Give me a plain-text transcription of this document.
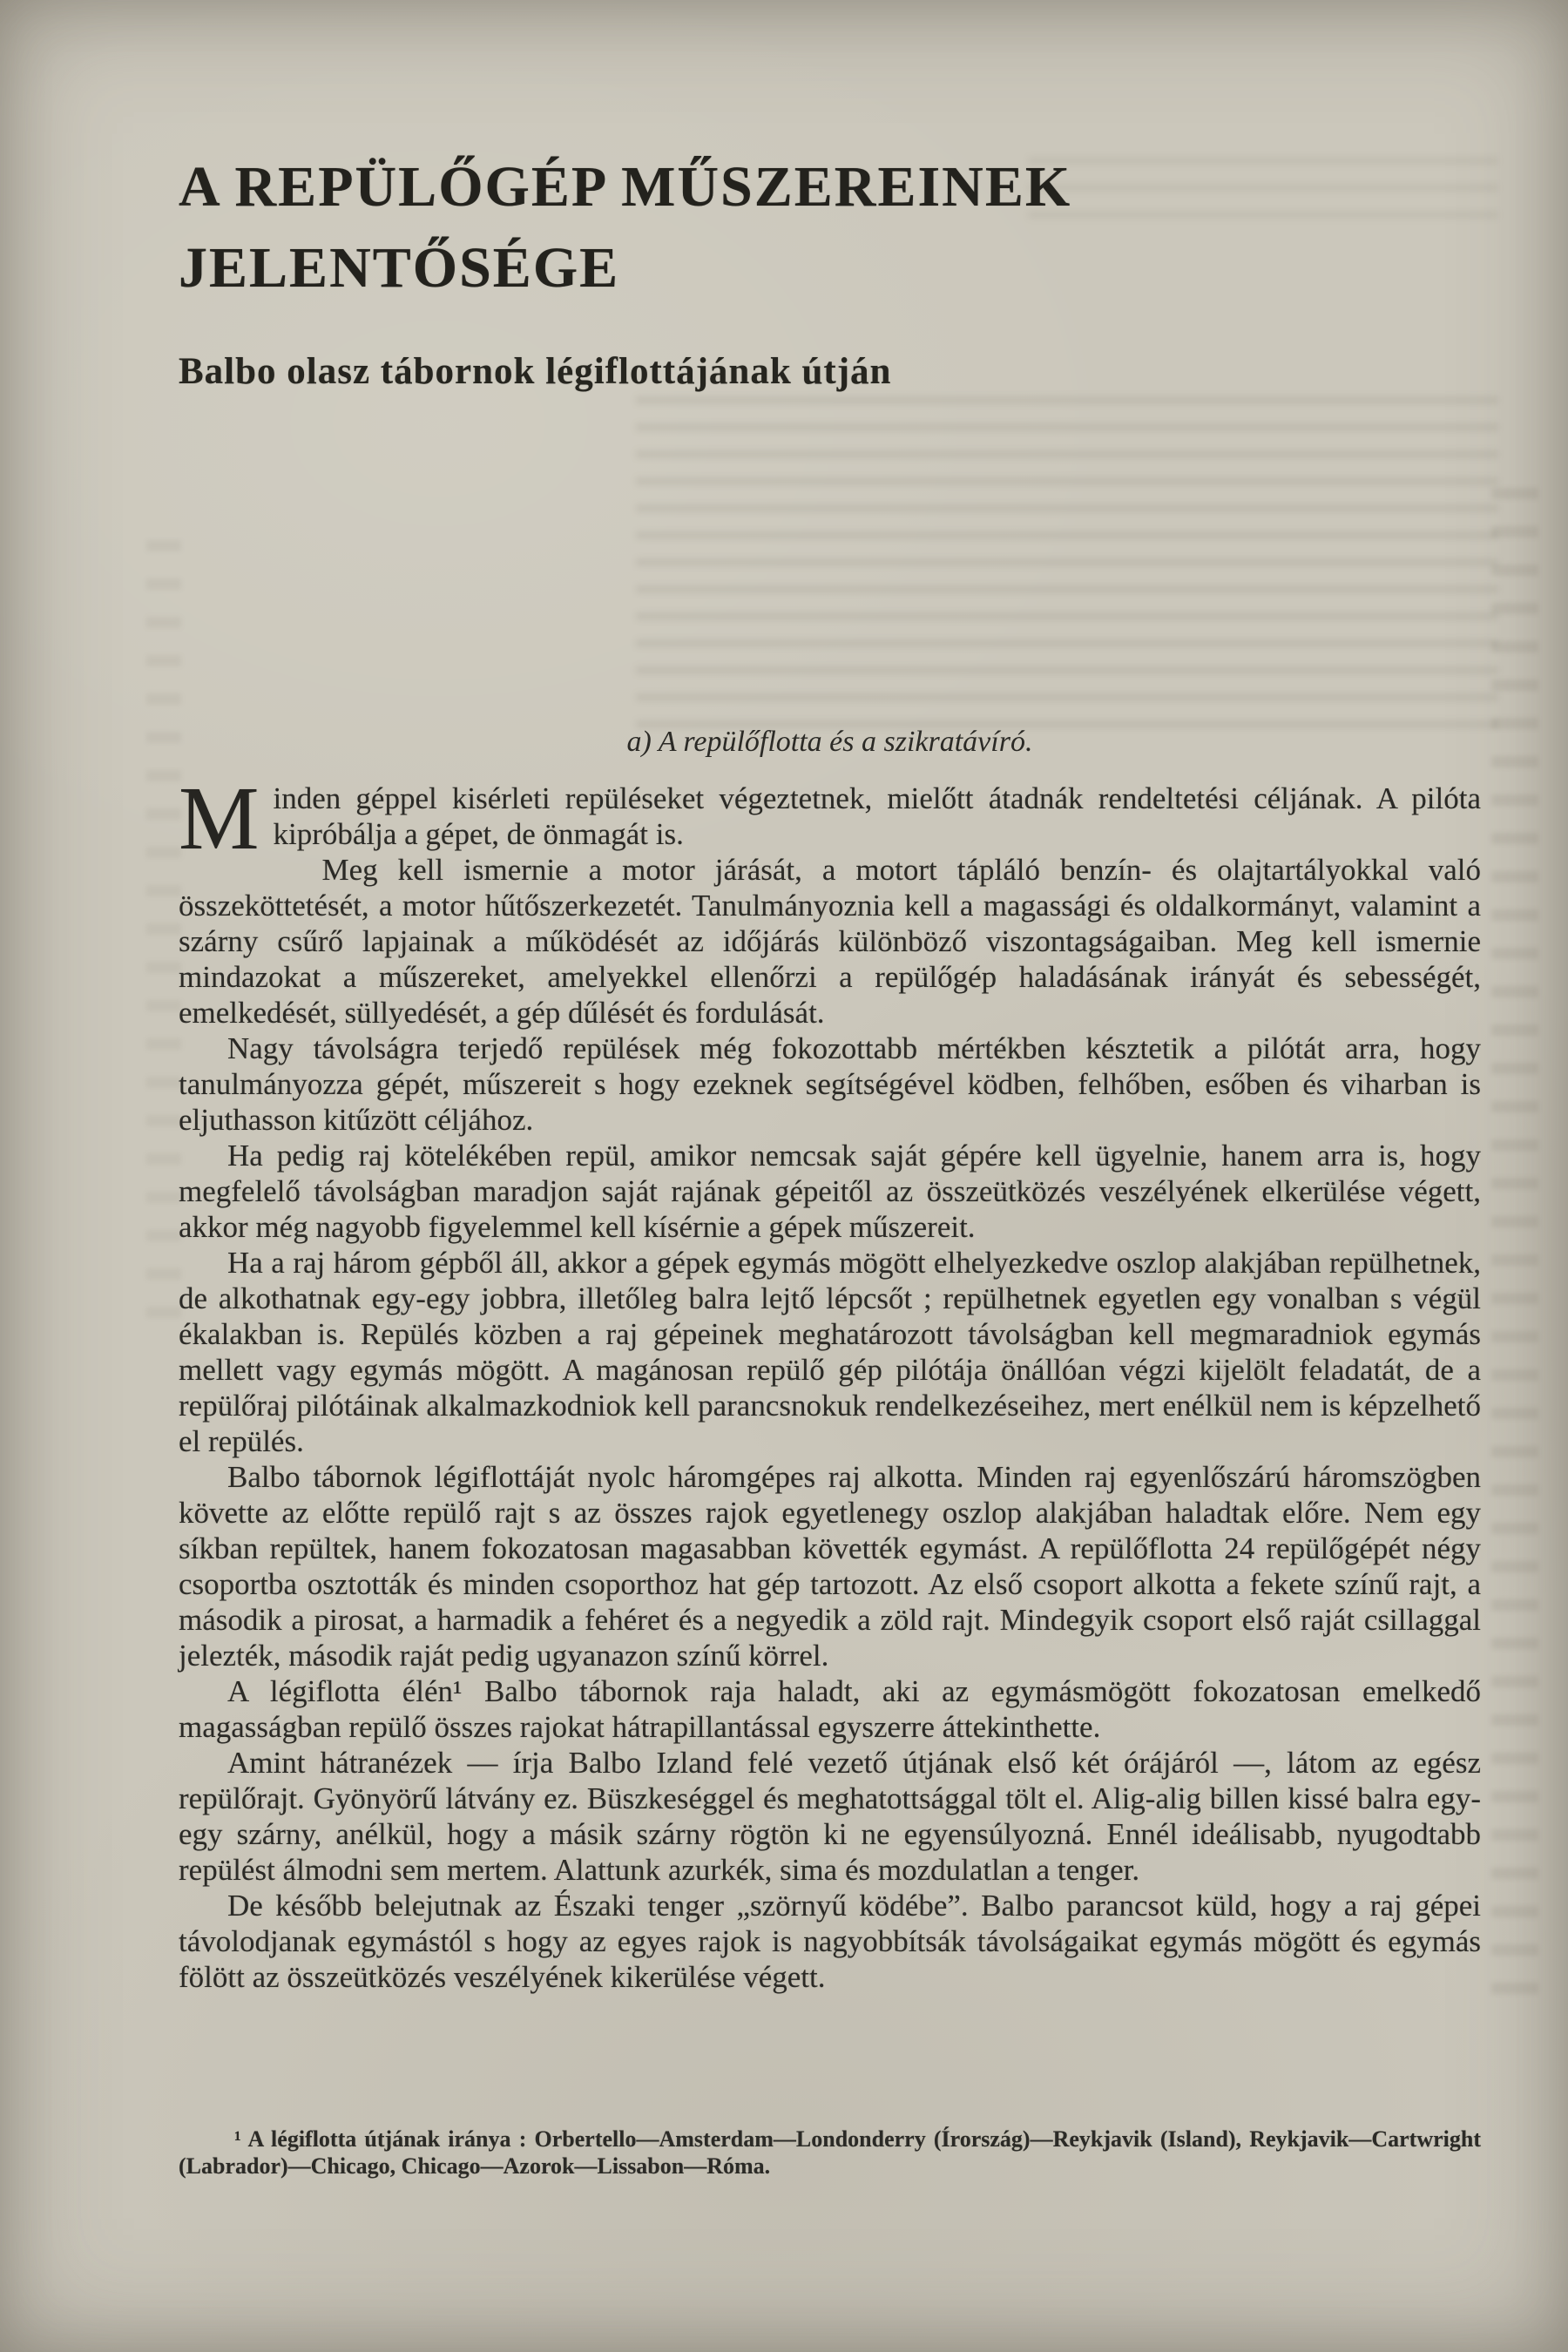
A REPÜLŐGÉP MŰSZEREINEK
JELENTŐSÉGE
Balbo olasz tábornok légiflottájának útján
a) A repülőflotta és a szikratávíró.

Minden géppel kisérleti repüléseket végeztetnek, mielőtt átadnák rendeltetési céljának. A pilóta kipróbálja a gépet, de önmagát is.

Meg kell ismernie a motor járását, a motort tápláló benzín- és olajtartályokkal való összeköttetését, a motor hűtőszerkezetét. Tanulmányoznia kell a magassági és oldalkormányt, valamint a szárny csűrő lapjainak a működését az időjárás különböző viszontagságaiban. Meg kell ismernie mindazokat a műszereket, amelyekkel ellenőrzi a repülőgép haladásának irányát és sebességét, emelkedését, süllyedését, a gép dűlését és fordulását.

Nagy távolságra terjedő repülések még fokozottabb mértékben késztetik a pilótát arra, hogy tanulmányozza gépét, műszereit s hogy ezeknek segítségével ködben, felhőben, esőben és viharban is eljuthasson kitűzött céljához.

Ha pedig raj kötelékében repül, amikor nemcsak saját gépére kell ügyelnie, hanem arra is, hogy megfelelő távolságban maradjon saját rajának gépeitől az összeütközés veszélyének elkerülése végett, akkor még nagyobb figyelemmel kell kísérnie a gépek műszereit.

Ha a raj három gépből áll, akkor a gépek egymás mögött elhelyezkedve oszlop alakjában repülhetnek, de alkothatnak egy-egy jobbra, illetőleg balra lejtő lépcsőt ; repülhetnek egyetlen egy vonalban s végül ékalakban is. Repülés közben a raj gépeinek meghatározott távolságban kell megmaradniok egymás mellett vagy egymás mögött. A magánosan repülő gép pilótája önállóan végzi kijelölt feladatát, de a repülőraj pilótáinak alkalmazkodniok kell parancsnokuk rendelkezéseihez, mert enélkül nem is képzelhető el repülés.

Balbo tábornok légiflottáját nyolc háromgépes raj alkotta. Minden raj egyenlőszárú háromszögben követte az előtte repülő rajt s az összes rajok egyetlenegy oszlop alakjában haladtak előre. Nem egy síkban repültek, hanem fokozatosan magasabban követték egymást. A repülőflotta 24 repülőgépét négy csoportba osztották és minden csoporthoz hat gép tartozott. Az első csoport alkotta a fekete színű rajt, a második a pirosat, a harmadik a fehéret és a negyedik a zöld rajt. Mindegyik csoport első raját csillaggal jelezték, második raját pedig ugyanazon színű körrel.

A légiflotta élén¹ Balbo tábornok raja haladt, aki az egymásmögött fokozatosan emelkedő magasságban repülő összes rajokat hátrapillantással egyszerre áttekinthette.

Amint hátranézek — írja Balbo Izland felé vezető útjának első két órájáról —, látom az egész repülőrajt. Gyönyörű látvány ez. Büszkeséggel és meghatottsággal tölt el. Alig-alig billen kissé balra egy-egy szárny, anélkül, hogy a másik szárny rögtön ki ne egyensúlyozná. Ennél ideálisabb, nyugodtabb repülést álmodni sem mertem. Alattunk azurkék, sima és mozdulatlan a tenger.

De később belejutnak az Északi tenger „szörnyű ködébe”. Balbo parancsot küld, hogy a raj gépei távolodjanak egymástól s hogy az egyes rajok is nagyobbítsák távolságaikat egymás mögött és egymás fölött az összeütközés veszélyének kikerülése végett.

¹ A légiflotta útjának iránya : Orbertello—Amsterdam—Londonderry (Írország)—Reykjavik (Island), Reykjavik—Cartwright (Labrador)—Chicago, Chicago—Azorok—Lissabon—Róma.
